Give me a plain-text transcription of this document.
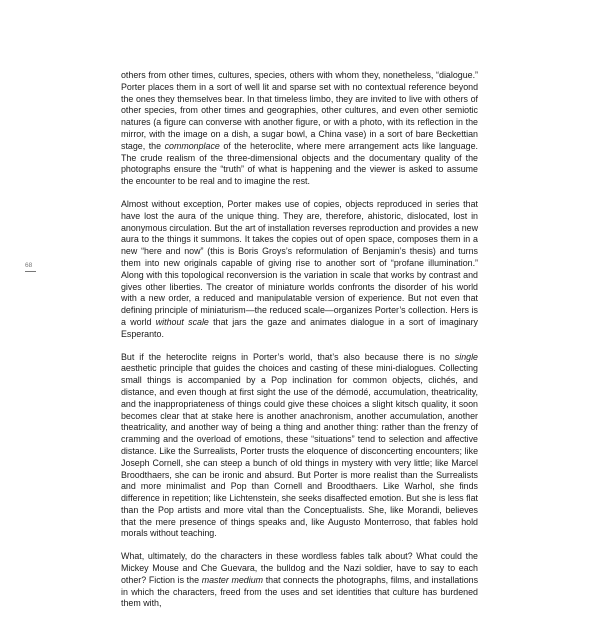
68

others from other times, cultures, species, others with whom they, nonetheless, “dialogue.” Porter places them in a sort of well lit and sparse set with no contextual reference beyond the ones they themselves bear. In that timeless limbo, they are invited to live with others of other species, from other times and geographies, other cultures, and even other semiotic natures (a figure can converse with another figure, or with a photo, with its reflection in the mirror, with the image on a dish, a sugar bowl, a China vase) in a sort of bare Beckettian stage, the commonplace of the heteroclite, where mere arrangement acts like language. The crude realism of the three-dimensional objects and the documentary quality of the photographs ensure the “truth” of what is happening and the viewer is asked to assume the encounter to be real and to imagine the rest.

Almost without exception, Porter makes use of copies, objects reproduced in series that have lost the aura of the unique thing. They are, therefore, ahistoric, dislocated, lost in anonymous circulation. But the art of installation reverses reproduction and provides a new aura to the things it summons. It takes the copies out of open space, composes them in a new “here and now” (this is Boris Groys’s reformulation of Benjamin’s thesis) and turns them into new originals capable of giving rise to another sort of “profane illumination.” Along with this topological reconversion is the variation in scale that works by contrast and gives other liberties. The creator of miniature worlds confronts the disorder of his world with a new order, a reduced and manipulatable version of experience. But not even that defining principle of miniaturism—the reduced scale—organizes Porter’s collection. Hers is a world without scale that jars the gaze and animates dialogue in a sort of imaginary Esperanto.

But if the heteroclite reigns in Porter’s world, that’s also because there is no single aesthetic principle that guides the choices and casting of these mini-dialogues. Collecting small things is accompanied by a Pop inclination for common objects, clichés, and distance, and even though at first sight the use of the démodé, accumulation, theatricality, and the inappropriateness of things could give these choices a slight kitsch quality, it soon becomes clear that at stake here is another anachronism, another accumulation, another theatricality, and another way of being a thing and another thing: rather than the frenzy of cramming and the overload of emotions, these “situations” tend to selection and affective distance. Like the Surrealists, Porter trusts the eloquence of disconcerting encounters; like Joseph Cornell, she can steep a bunch of old things in mystery with very little; like Marcel Broodthaers, she can be ironic and absurd. But Porter is more realist than the Surrealists and more minimalist and Pop than Cornell and Broodthaers. Like Warhol, she finds difference in repetition; like Lichtenstein, she seeks disaffected emotion. But she is less flat than the Pop artists and more vital than the Conceptualists. She, like Morandi, believes that the mere presence of things speaks and, like Augusto Monterroso, that fables hold morals without teaching.

What, ultimately, do the characters in these wordless fables talk about? What could the Mickey Mouse and Che Guevara, the bulldog and the Nazi soldier, have to say to each other? Fiction is the master medium that connects the photographs, films, and installations in which the characters, freed from the uses and set identities that culture has burdened them with,
